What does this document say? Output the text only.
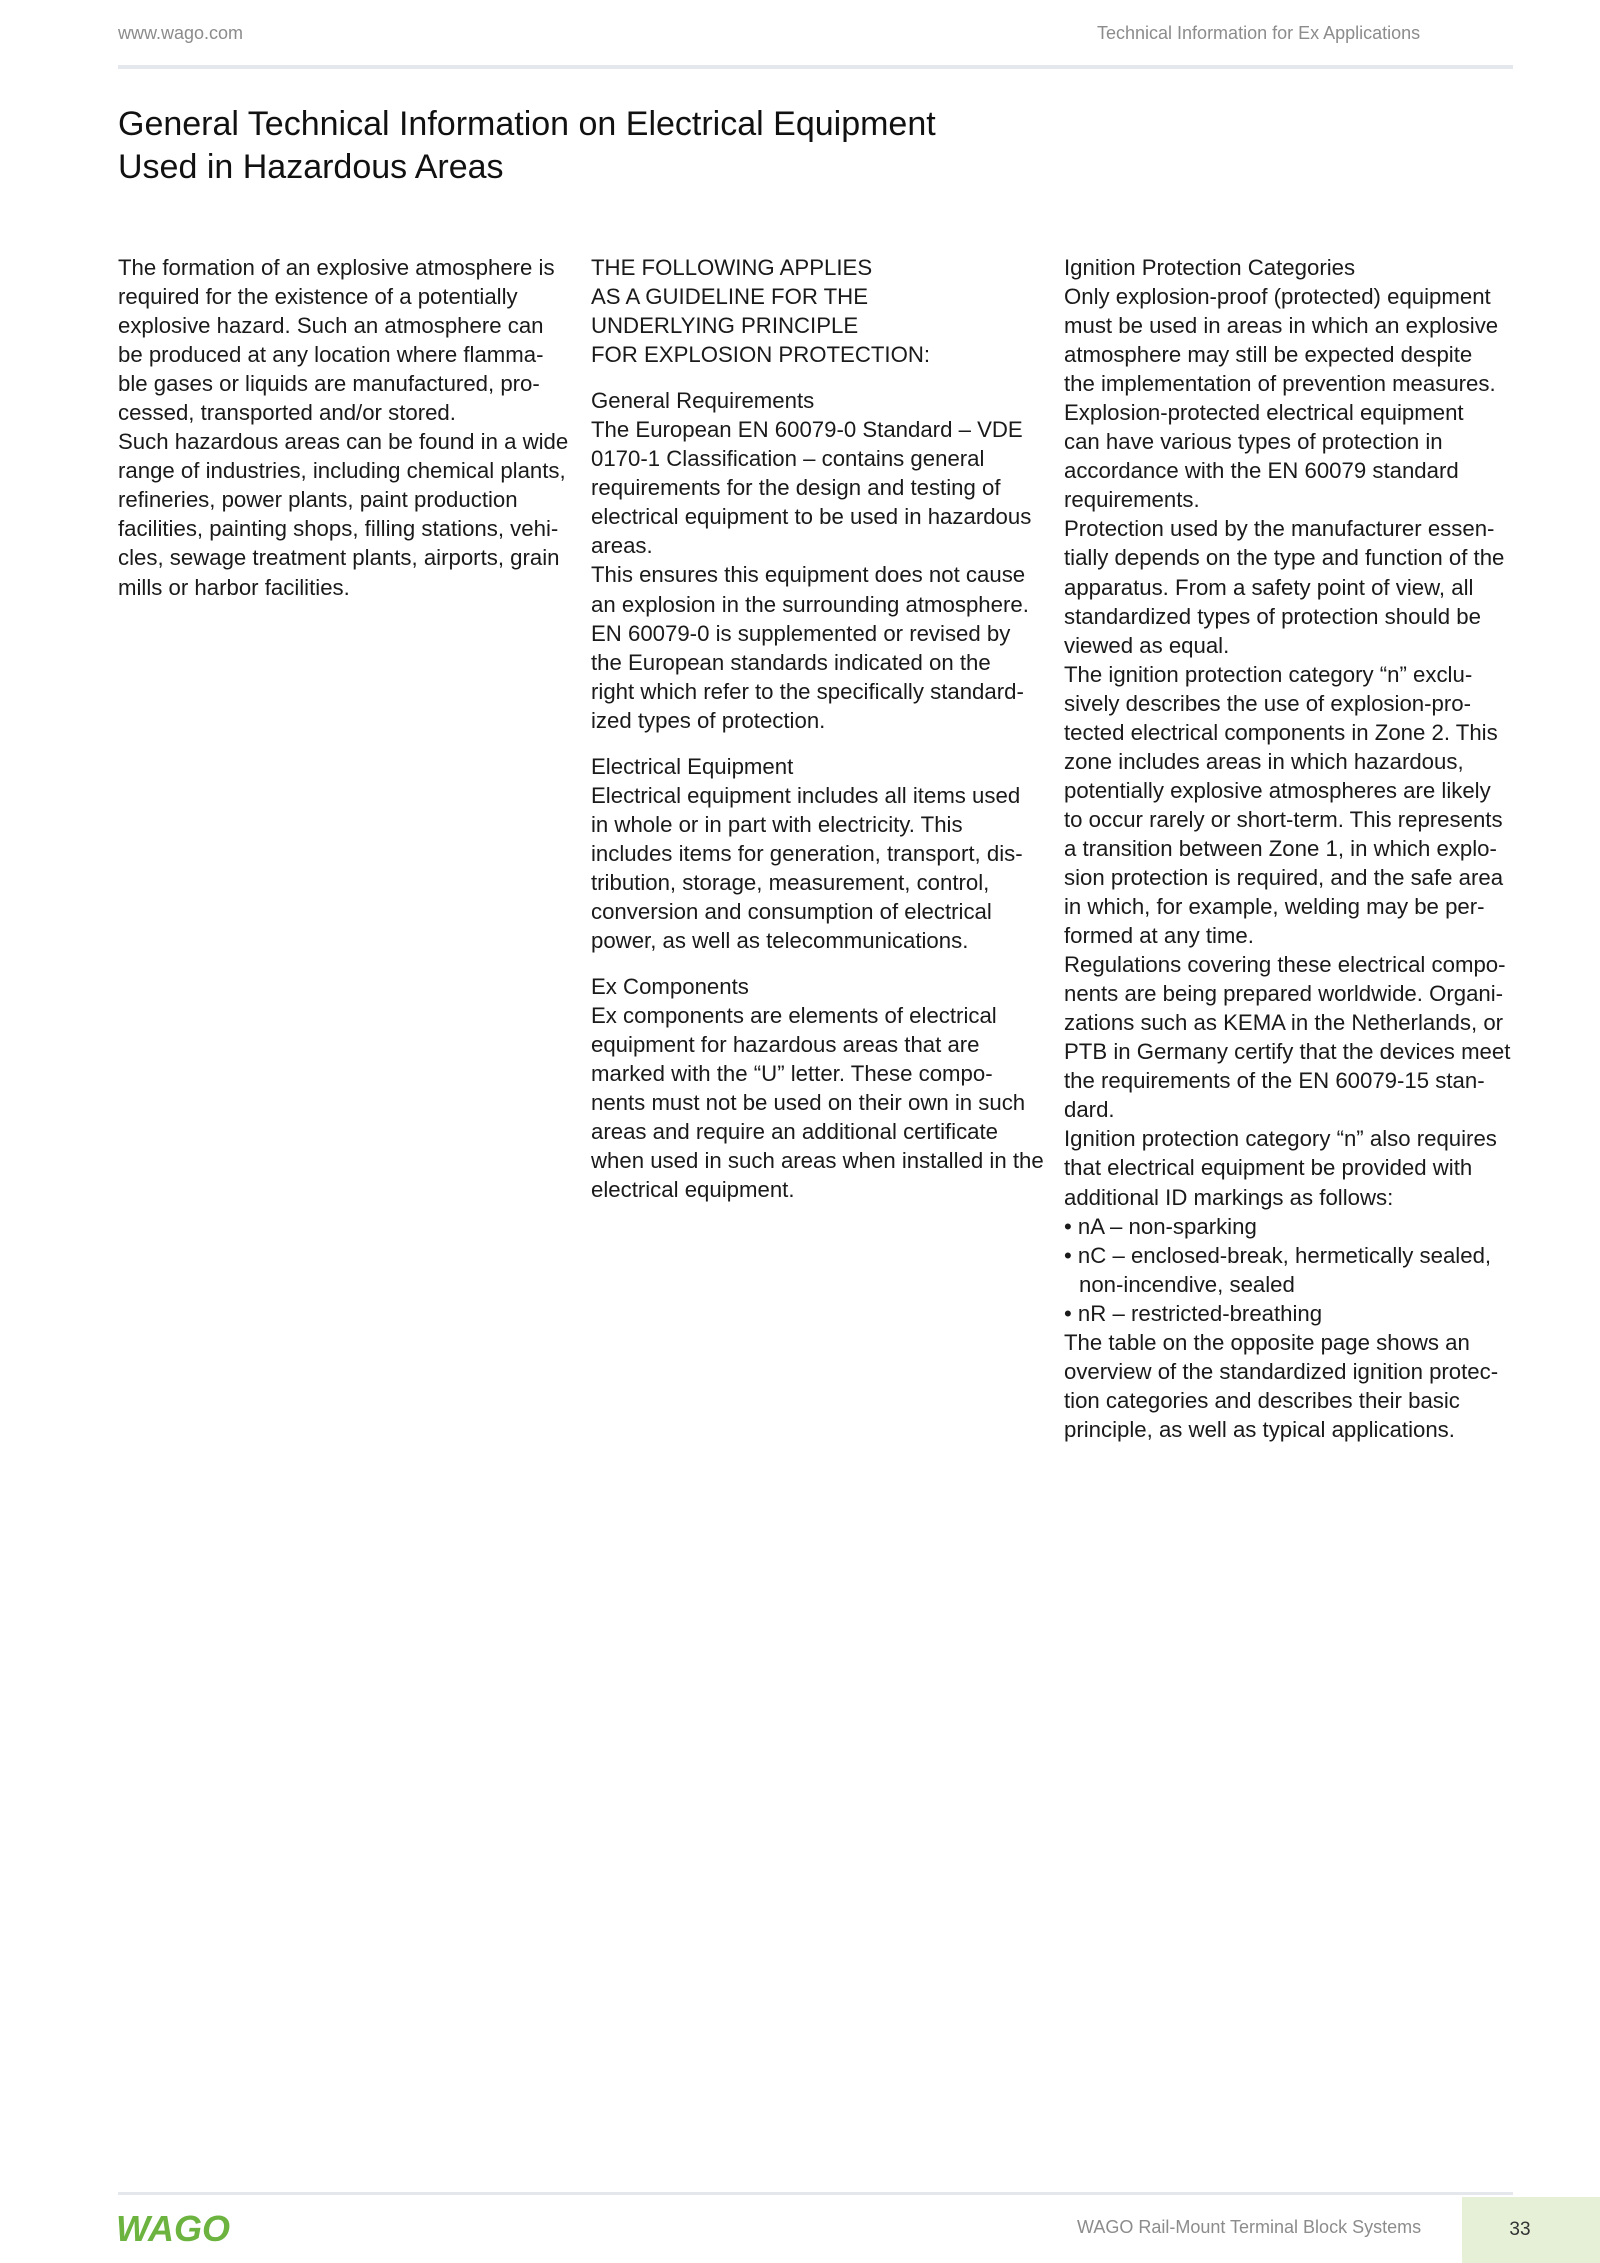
www.wago.com	Technical Information for Ex Applications
General Technical Information on Electrical Equipment
Used in Hazardous Areas
The formation of an explosive atmosphere is
required for the existence of a potentially
explosive hazard. Such an atmosphere can
be produced at any location where flamma-
ble gases or liquids are manufactured, pro-
cessed, transported and/or stored.
Such hazardous areas can be found in a wide
range of industries, including chemical plants,
refineries, power plants, paint production
facilities, painting shops, filling stations, vehi-
cles, sewage treatment plants, airports, grain
mills or harbor facilities.
THE FOLLOWING APPLIES
AS A GUIDELINE FOR THE
UNDERLYING PRINCIPLE
FOR EXPLOSION PROTECTION:
General Requirements
The European EN 60079-0 Standard – VDE
0170-1 Classification – contains general
requirements for the design and testing of
electrical equipment to be used in hazardous
areas.
This ensures this equipment does not cause
an explosion in the surrounding atmosphere.
EN 60079-0 is supplemented or revised by
the European standards indicated on the
right which refer to the specifically standard-
ized types of protection.
Electrical Equipment
Electrical equipment includes all items used
in whole or in part with electricity. This
includes items for generation, transport, dis-
tribution, storage, measurement, control,
conversion and consumption of electrical
power, as well as telecommunications.
Ex Components
Ex components are elements of electrical
equipment for hazardous areas that are
marked with the “U” letter. These compo-
nents must not be used on their own in such
areas and require an additional certificate
when used in such areas when installed in the
electrical equipment.
Ignition Protection Categories
Only explosion-proof (protected) equipment
must be used in areas in which an explosive
atmosphere may still be expected despite
the implementation of prevention measures.
Explosion-protected electrical equipment
can have various types of protection in
accordance with the EN 60079 standard
requirements.
Protection used by the manufacturer essen-
tially depends on the type and function of the
apparatus. From a safety point of view, all
standardized types of protection should be
viewed as equal.
The ignition protection category “n” exclu-
sively describes the use of explosion-pro-
tected electrical components in Zone 2. This
zone includes areas in which hazardous,
potentially explosive atmospheres are likely
to occur rarely or short-term. This represents
a transition between Zone 1, in which explo-
sion protection is required, and the safe area
in which, for example, welding may be per-
formed at any time.
Regulations covering these electrical compo-
nents are being prepared worldwide. Organi-
zations such as KEMA in the Netherlands, or
PTB in Germany certify that the devices meet
the requirements of the EN 60079-15 stan-
dard.
Ignition protection category “n” also requires
that electrical equipment be provided with
additional ID markings as follows:
• nA – non-sparking
• nC – enclosed-break, hermetically sealed,
non-incendive, sealed
• nR – restricted-breathing
The table on the opposite page shows an
overview of the standardized ignition protec-
tion categories and describes their basic
principle, as well as typical applications.
WAGO	WAGO Rail-Mount Terminal Block Systems	33
